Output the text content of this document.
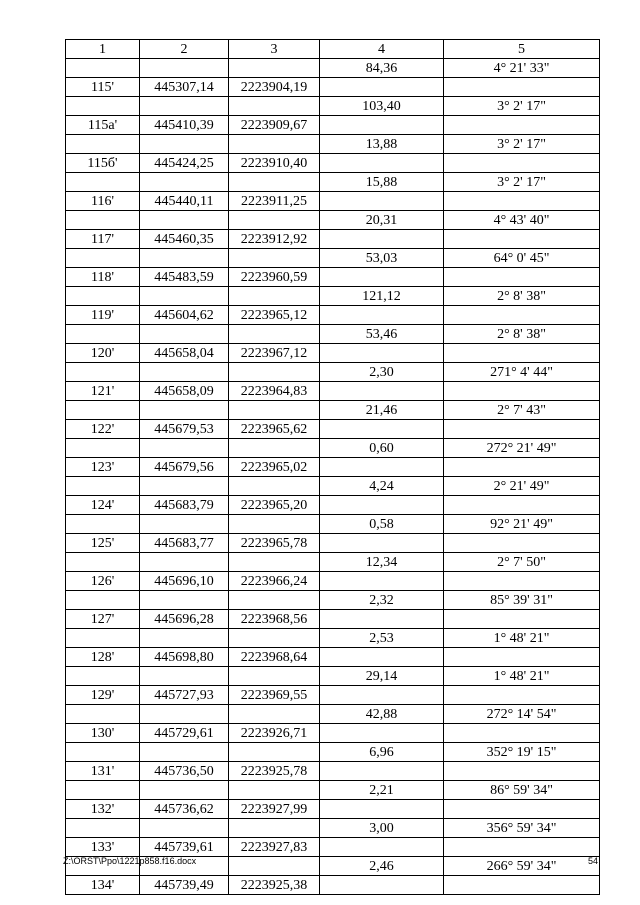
1	2	3	4	5
			84,36	4° 21' 33"
115'	445307,14	2223904,19		
			103,40	3° 2' 17"
115a'	445410,39	2223909,67		
			13,88	3° 2' 17"
115б'	445424,25	2223910,40		
			15,88	3° 2' 17"
116'	445440,11	2223911,25		
			20,31	4° 43' 40"
117'	445460,35	2223912,92		
			53,03	64° 0' 45"
118'	445483,59	2223960,59		
			121,12	2° 8' 38"
119'	445604,62	2223965,12		
			53,46	2° 8' 38"
120'	445658,04	2223967,12		
			2,30	271° 4' 44"
121'	445658,09	2223964,83		
			21,46	2° 7' 43"
122'	445679,53	2223965,62		
			0,60	272° 21' 49"
123'	445679,56	2223965,02		
			4,24	2° 21' 49"
124'	445683,79	2223965,20		
			0,58	92° 21' 49"
125'	445683,77	2223965,78		
			12,34	2° 7' 50"
126'	445696,10	2223966,24		
			2,32	85° 39' 31"
127'	445696,28	2223968,56		
			2,53	1° 48' 21"
128'	445698,80	2223968,64		
			29,14	1° 48' 21"
129'	445727,93	2223969,55		
			42,88	272° 14' 54"
130'	445729,61	2223926,71		
			6,96	352° 19' 15"
131'	445736,50	2223925,78		
			2,21	86° 59' 34"
132'	445736,62	2223927,99		
			3,00	356° 59' 34"
133'	445739,61	2223927,83		
			2,46	266° 59' 34"
134'	445739,49	2223925,38		
Z:\ORST\Ppo\1221p858.f16.docx	54
